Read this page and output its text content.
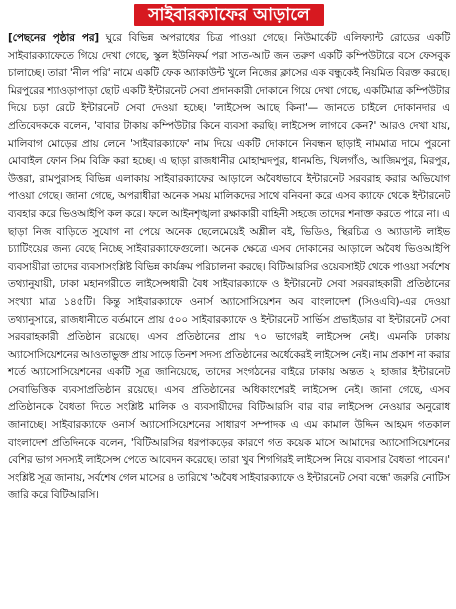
সাইবারক্যাফের আড়ালে

[পেছনের পৃষ্ঠার পর] ঘুরে বিভিন্ন অপরাধের চিত্র পাওয়া গেছে। নিউমার্কেট এলিফ্যান্ট রোডের একটি সাইবারক্যাফেতে গিয়ে দেখা গেছে, স্কুল ইউনিফর্ম পরা সাত-আট জন তরুণ একটি কম্পিউটারে বসে ফেসবুক চালাচ্ছে। তারা 'নীল পরি' নামে একটি ফেক অ্যাকাউন্ট খুলে নিজের ক্লাসের এক বন্ধুকেই নিয়মিত বিরক্ত করছে। মিরপুরের শ্যাওড়াপাড়া ছোট একটি ইন্টারনেট সেবা প্রদানকারী দোকানে গিয়ে দেখা গেছে, একটিমাত্র কম্পিউটার দিয়ে চড়া রেটে ইন্টারনেট সেবা দেওয়া হচ্ছে। 'লাইসেন্স আছে কিনা'— জানতে চাইলে দোকানদার এ প্রতিবেদককে বলেন, 'বাবার টাকায় কম্পিউটার কিনে ব্যবসা করছি। লাইসেন্স লাগবে কেন?' আরও দেখা যায়, মালিবাগ মোড়ের প্রায় লেনে 'সাইবারক্যাফে' নাম দিয়ে একটি দোকানে নিবন্ধন ছাড়াই নামমাত্র দামে পুরনো মোবাইল ফোন সিম বিক্রি করা হচ্ছে। এ ছাড়া রাজধানীর মোহাম্মদপুর, ধানমন্ডি, খিলগাঁও, আজিমপুর, মিরপুর, উত্তরা, রামপুরাসহ বিভিন্ন এলাকায় সাইবারক্যাফের আড়ালে অবৈধভাবে ইন্টারনেট সরবরাহ করার অভিযোগ পাওয়া গেছে। জানা গেছে, অপরাধীরা অনেক সময় মালিকদের সাথে বনিবনা করে এসব ক্যাফে থেকে ইন্টারনেট ব্যবহার করে ভিওআইপি কল করে। ফলে আইনশৃঙ্খলা রক্ষাকারী বাহিনী সহজে তাদের শনাক্ত করতে পারে না। এ ছাড়া নিজ বাড়িতে সুযোগ না পেয়ে অনেক ছেলেমেয়েই অশ্লীল বই, ভিডিও, স্থিরচিত্র ও অ্যাডাল্ট লাইভ চ্যাটিংয়ের জন্য বেছে নিচ্ছে সাইবারক্যাফেগুলো। অনেক ক্ষেত্রে এসব দোকানের আড়ালে অবৈধ ভিওআইপি ব্যবসায়ীরা তাদের ব্যবসাসংশ্লিষ্ট বিভিন্ন কার্যক্রম পরিচালনা করছে। বিটিআরসির ওয়েবসাইট থেকে পাওয়া সর্বশেষ তথ্যানুযায়ী, ঢাকা মহানগরীতে লাইসেন্সধারী বৈধ সাইবারক্যাফে ও ইন্টারনেট সেবা সরবরাহকারী প্রতিষ্ঠানের সংখ্যা মাত্র ১৪৫টি। কিন্তু সাইবারক্যাফে ওনার্স অ্যাসোসিয়েশন অব বাংলাদেশ (সিওএবি)-এর দেওয়া তথ্যানুসারে, রাজধানীতে বর্তমানে প্রায় ৫০০ সাইবারক্যাফে ও ইন্টারনেট সার্ভিস প্রভাইডার বা ইন্টারনেট সেবা সরবরাহকারী প্রতিষ্ঠান রয়েছে। এসব প্রতিষ্ঠানের প্রায় ৭০ ভাগেরই লাইসেন্স নেই। এমনকি ঢাকায় অ্যাসোসিয়েশনের আওতাভুক্ত প্রায় সাড়ে তিনশ সদস্য প্রতিষ্ঠানের অর্ধেকেরই লাইসেন্স নেই। নাম প্রকাশ না করার শর্তে অ্যাসোসিয়েশনের একটি সূত্র জানিয়েছে, তাদের সংগঠনের বাইরে ঢাকায় অন্তত ২ হাজার ইন্টারনেট সেবাভিত্তিক ব্যবসাপ্রতিষ্ঠান রয়েছে। এসব প্রতিষ্ঠানের অধিকাংশেরই লাইসেন্স নেই। জানা গেছে, এসব প্রতিষ্ঠানকে বৈধতা দিতে সংশ্লিষ্ট মালিক ও ব্যবসায়ীদের বিটিআরসি বার বার লাইসেন্স নেওয়ার অনুরোধ জানাচ্ছে। সাইবারক্যাফে ওনার্স অ্যাসোসিয়েশনের সাধারণ সম্পাদক এ এম কামাল উদ্দিন আহমদ গতকাল বাংলাদেশ প্রতিদিনকে বলেন, 'বিটিআরসির ধরপাকড়ের কারণে গত কয়েক মাসে আমাদের অ্যাসোসিয়েশনের বেশির ভাগ সদস্যই লাইসেন্স পেতে আবেদন করেছে। তারা খুব শিগগিরই লাইসেন্স নিয়ে ব্যবসার বৈধতা পাবেন।' সংশ্লিষ্ট সূত্র জানায়, সর্বশেষ গেল মাসের ৪ তারিখে 'অবৈধ সাইবারক্যাফে ও ইন্টারনেট সেবা বন্ধে' জরুরি নোটিস জারি করে বিটিআরসি।
